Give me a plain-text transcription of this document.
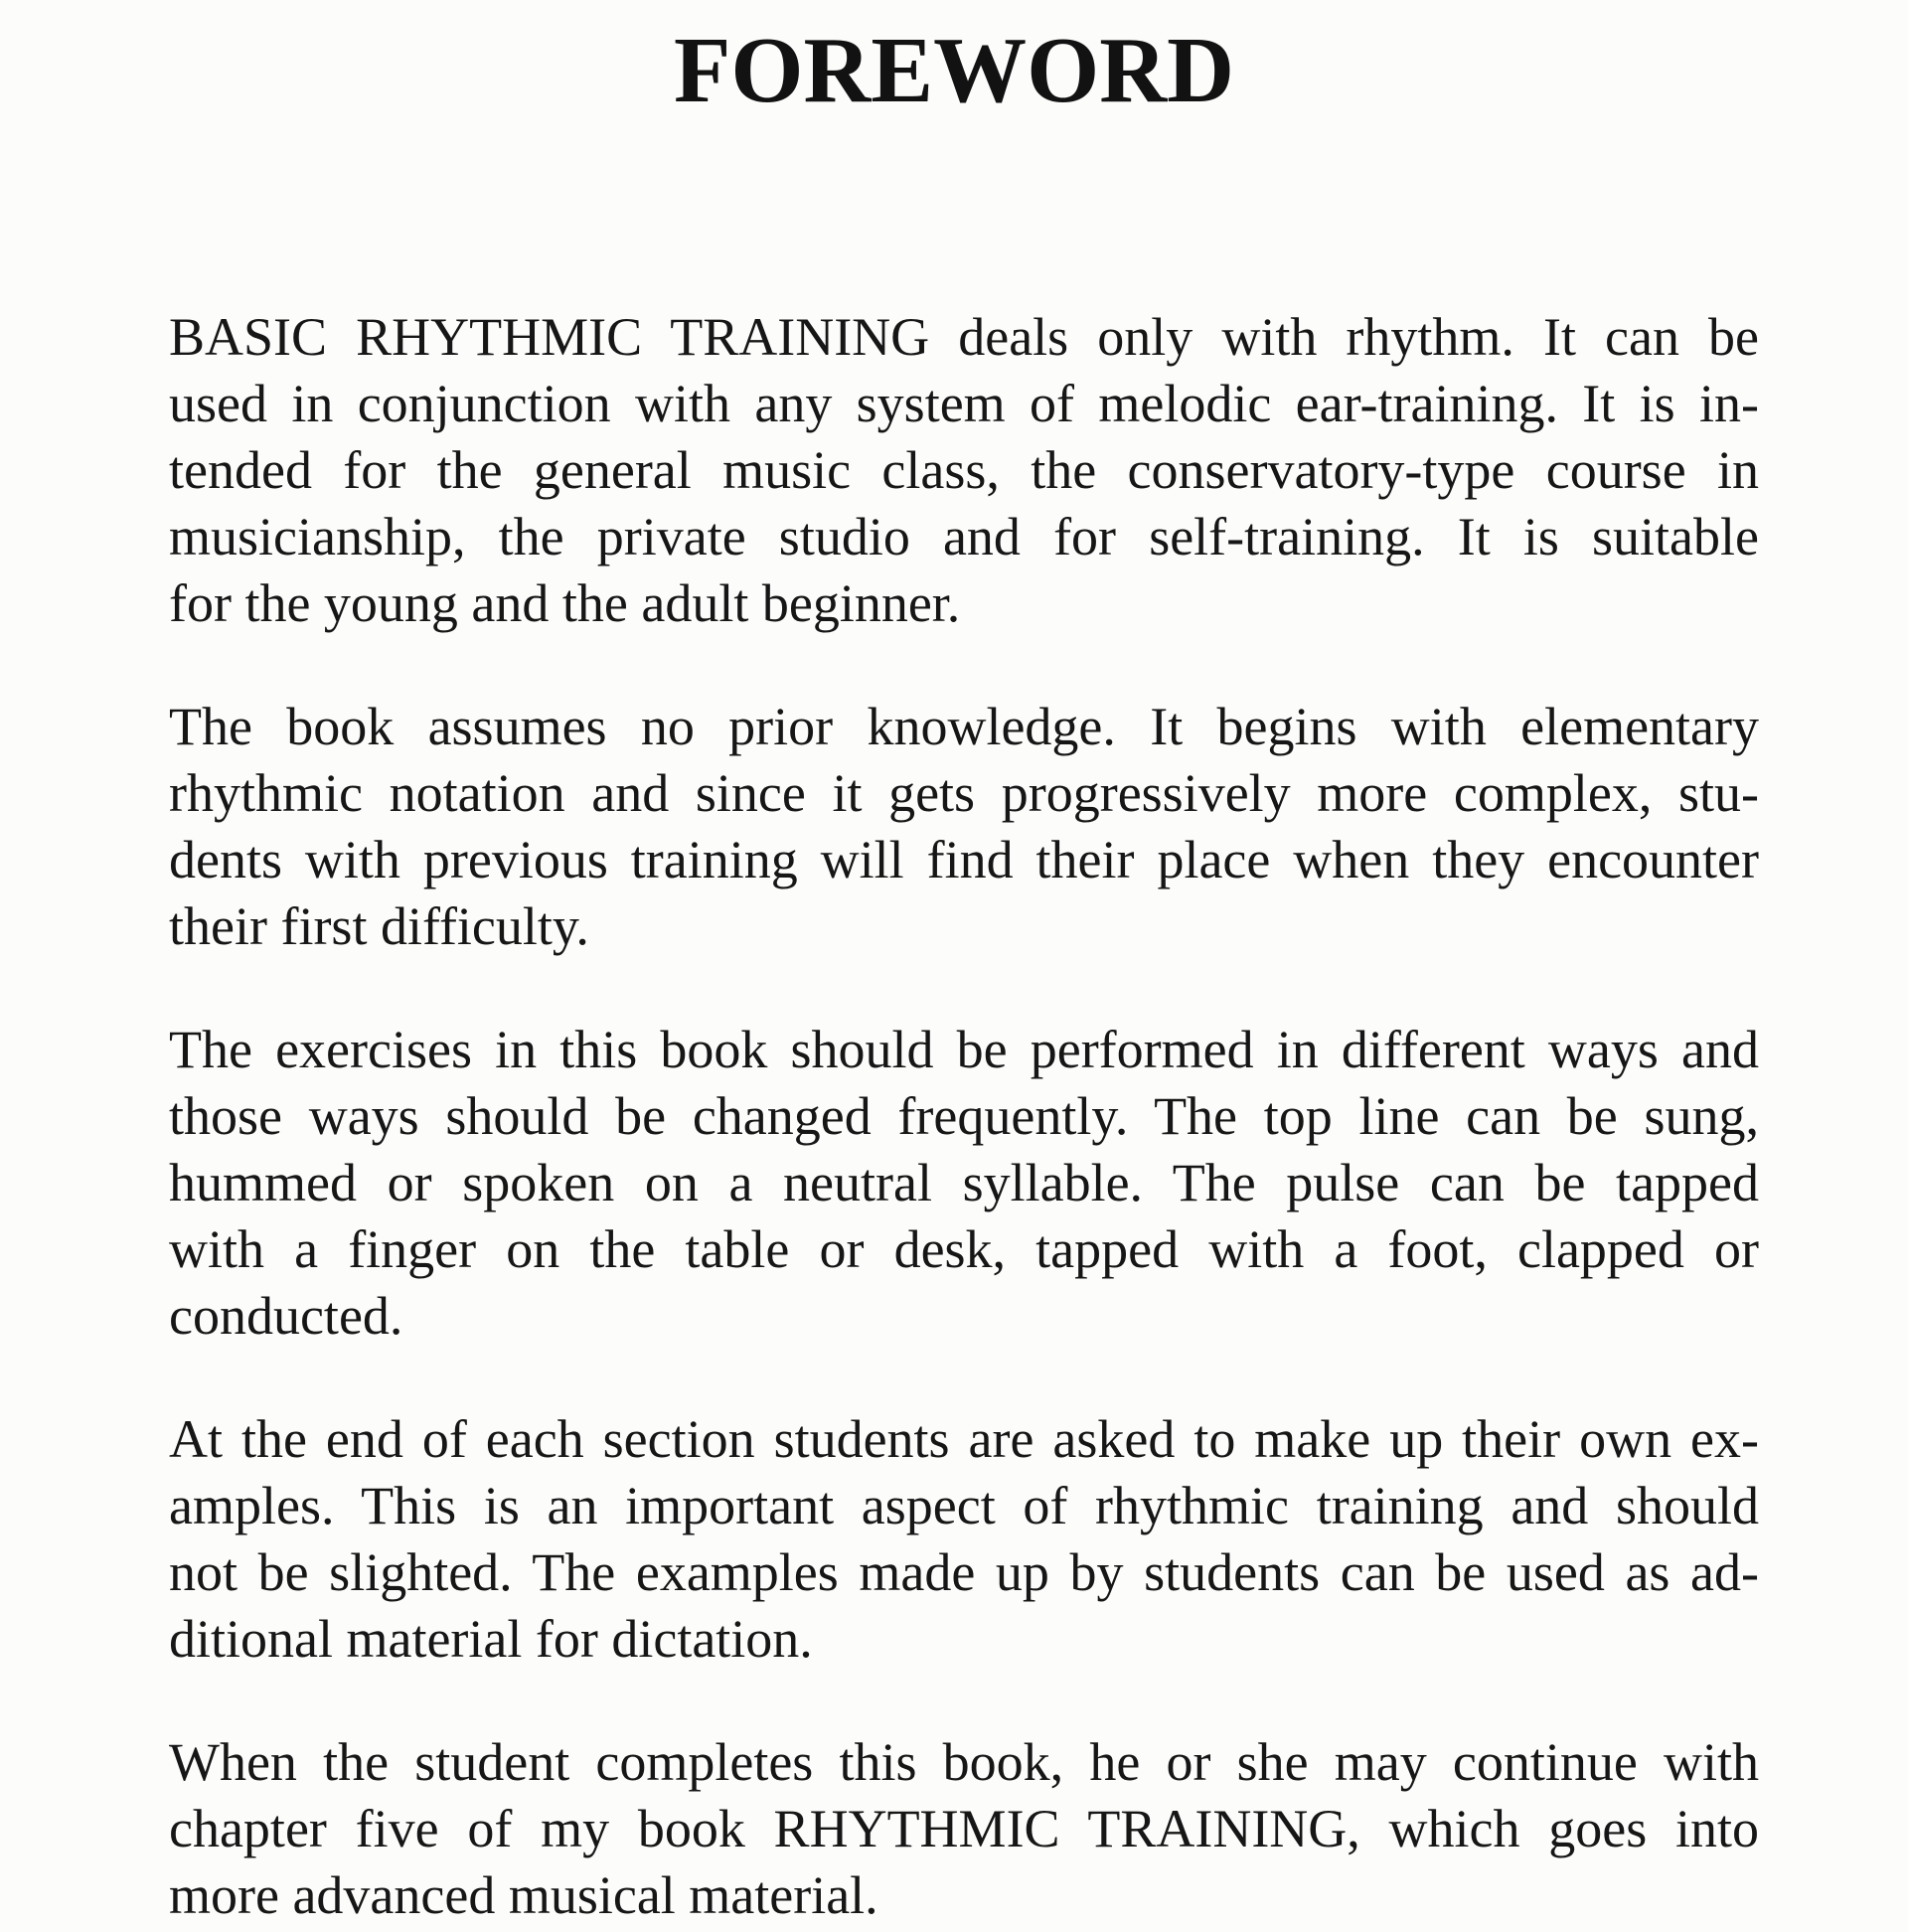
FOREWORD
BASIC RHYTHMIC TRAINING deals only with rhythm. It can be
used in conjunction with any system of melodic ear-training. It is in-
tended for the general music class, the conservatory-type course in
musicianship, the private studio and for self-training. It is suitable
for the young and the adult beginner.
The book assumes no prior knowledge. It begins with elementary
rhythmic notation and since it gets progressively more complex, stu-
dents with previous training will find their place when they encounter
their first difficulty.
The exercises in this book should be performed in different ways and
those ways should be changed frequently. The top line can be sung,
hummed or spoken on a neutral syllable. The pulse can be tapped
with a finger on the table or desk, tapped with a foot, clapped or
conducted.
At the end of each section students are asked to make up their own ex-
amples. This is an important aspect of rhythmic training and should
not be slighted. The examples made up by students can be used as ad-
ditional material for dictation.
When the student completes this book, he or she may continue with
chapter five of my book RHYTHMIC TRAINING, which goes into
more advanced musical material.
